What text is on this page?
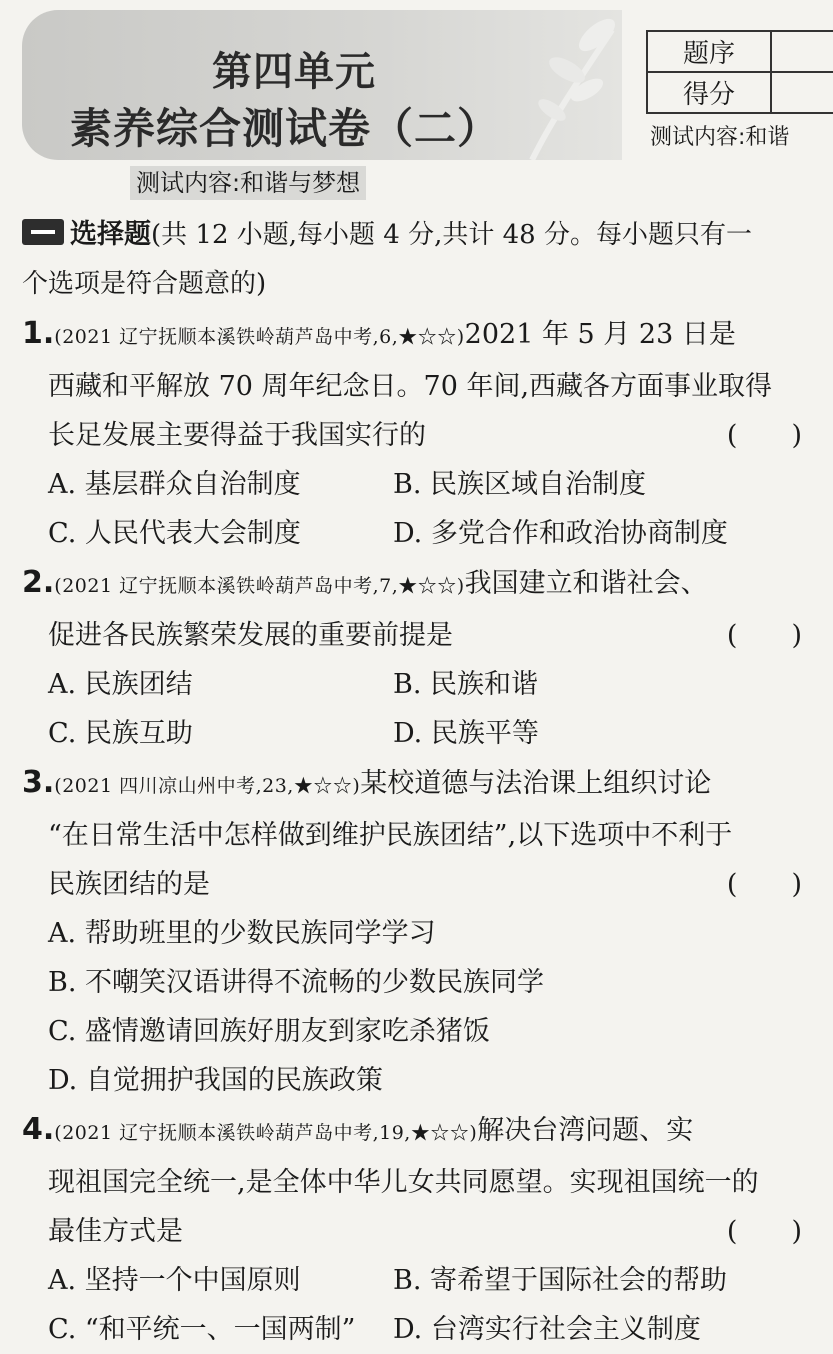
第四单元
素养综合测试卷（二）
题序	
得分	
测试内容:和谐
测试内容:和谐与梦想
选择题(共 12 小题,每小题 4 分,共计 48 分。每小题只有一
个选项是符合题意的)
1.(2021 辽宁抚顺本溪铁岭葫芦岛中考,6,★☆☆)2021 年 5 月 23 日是
西藏和平解放 70 周年纪念日。70 年间,西藏各方面事业取得
长足发展主要得益于我国实行的	(　　)
A. 基层群众自治制度	B. 民族区域自治制度
C. 人民代表大会制度	D. 多党合作和政治协商制度
2.(2021 辽宁抚顺本溪铁岭葫芦岛中考,7,★☆☆)我国建立和谐社会、
促进各民族繁荣发展的重要前提是	(　　)
A. 民族团结	B. 民族和谐
C. 民族互助	D. 民族平等
3.(2021 四川凉山州中考,23,★☆☆)某校道德与法治课上组织讨论
“在日常生活中怎样做到维护民族团结”,以下选项中不利于
民族团结的是	(　　)
A. 帮助班里的少数民族同学学习
B. 不嘲笑汉语讲得不流畅的少数民族同学
C. 盛情邀请回族好朋友到家吃杀猪饭
D. 自觉拥护我国的民族政策
4.(2021 辽宁抚顺本溪铁岭葫芦岛中考,19,★☆☆)解决台湾问题、实
现祖国完全统一,是全体中华儿女共同愿望。实现祖国统一的
最佳方式是	(　　)
A. 坚持一个中国原则	B. 寄希望于国际社会的帮助
C. “和平统一、一国两制”	D. 台湾实行社会主义制度
